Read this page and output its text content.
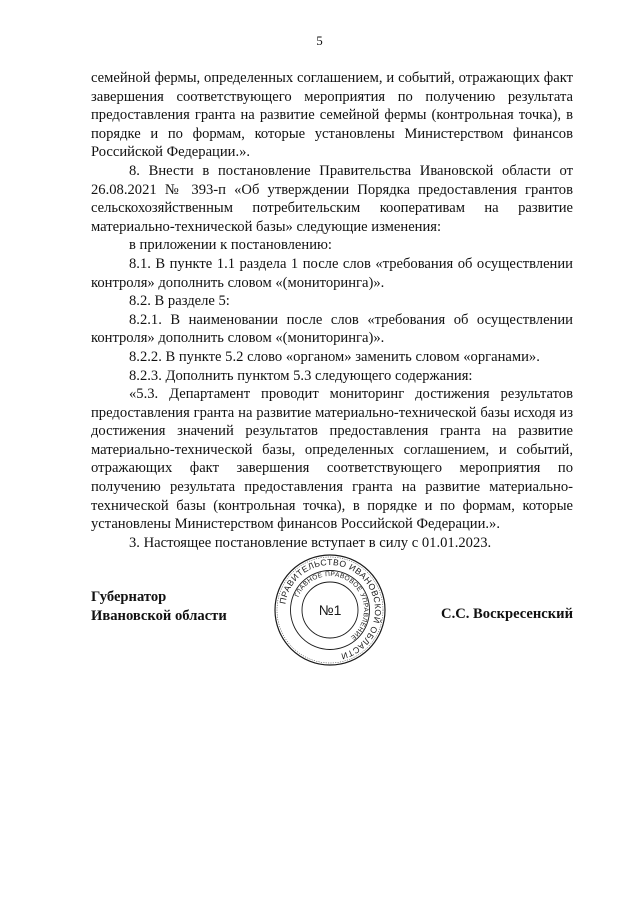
5

семейной фермы, определенных соглашением, и событий, отражающих факт завершения соответствующего мероприятия по получению результата предоставления гранта на развитие семейной фермы (контрольная точка), в порядке и по формам, которые установлены Министерством финансов Российской Федерации.».

8. Внести в постановление Правительства Ивановской области от 26.08.2021 № 393-п «Об утверждении Порядка предоставления грантов сельскохозяйственным потребительским кооперативам на развитие материально-технической базы» следующие изменения:

в приложении к постановлению:

8.1. В пункте 1.1 раздела 1 после слов «требования об осуществлении контроля» дополнить словом «(мониторинга)».

8.2. В разделе 5:

8.2.1. В наименовании после слов «требования об осуществлении контроля» дополнить словом «(мониторинга)».

8.2.2. В пункте 5.2 слово «органом» заменить словом «органами».

8.2.3. Дополнить пунктом 5.3 следующего содержания:

«5.3. Департамент проводит мониторинг достижения результатов предоставления гранта на развитие материально-технической базы исходя из достижения значений результатов предоставления гранта на развитие материально-технической базы, определенных соглашением, и событий, отражающих факт завершения соответствующего мероприятия по получению результата предоставления гранта на развитие материально-технической базы (контрольная точка), в порядке и по формам, которые установлены Министерством финансов Российской Федерации.».

3. Настоящее постановление вступает в силу с 01.01.2023.

Губернатор
Ивановской области	С.С. Воскресенский
ПРАВИТЕЛЬСТВО ИВАНОВСКОЙ ОБЛАСТИ
ГЛАВНОЕ ПРАВОВОЕ УПРАВЛЕНИЕ
№1
